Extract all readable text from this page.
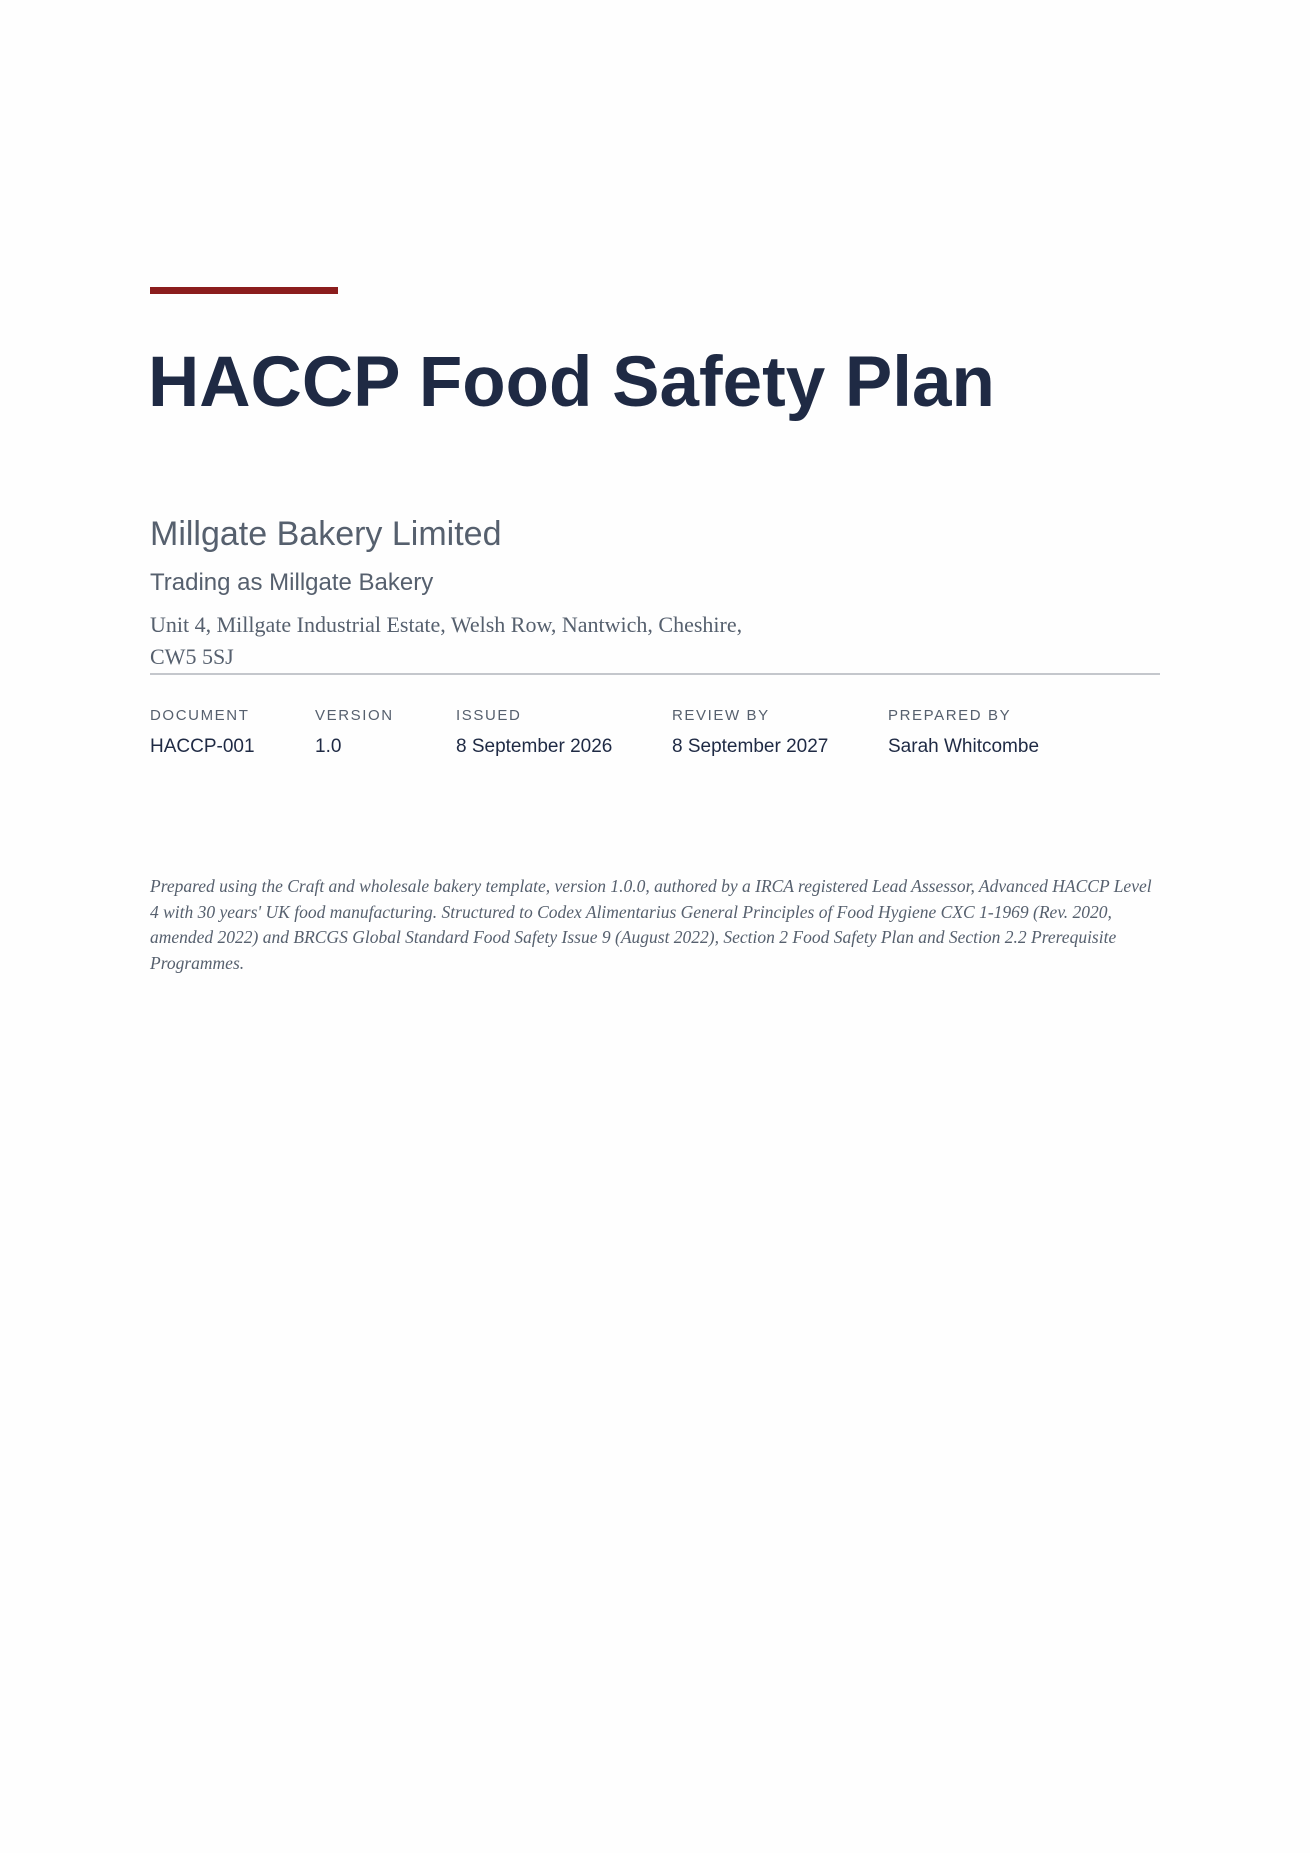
HACCP Food Safety Plan
Millgate Bakery Limited
Trading as Millgate Bakery
Unit 4, Millgate Industrial Estate, Welsh Row, Nantwich, Cheshire, CW5 5SJ
DOCUMENT
HACCP-001
VERSION
1.0
ISSUED
8 September 2026
REVIEW BY
8 September 2027
PREPARED BY
Sarah Whitcombe

Prepared using the Craft and wholesale bakery template, version 1.0.0, authored by a IRCA registered Lead Assessor, Advanced HACCP Level 4 with 30 years' UK food manufacturing. Structured to Codex Alimentarius General Principles of Food Hygiene CXC 1-1969 (Rev. 2020, amended 2022) and BRCGS Global Standard Food Safety Issue 9 (August 2022), Section 2 Food Safety Plan and Section 2.2 Prerequisite Programmes.
